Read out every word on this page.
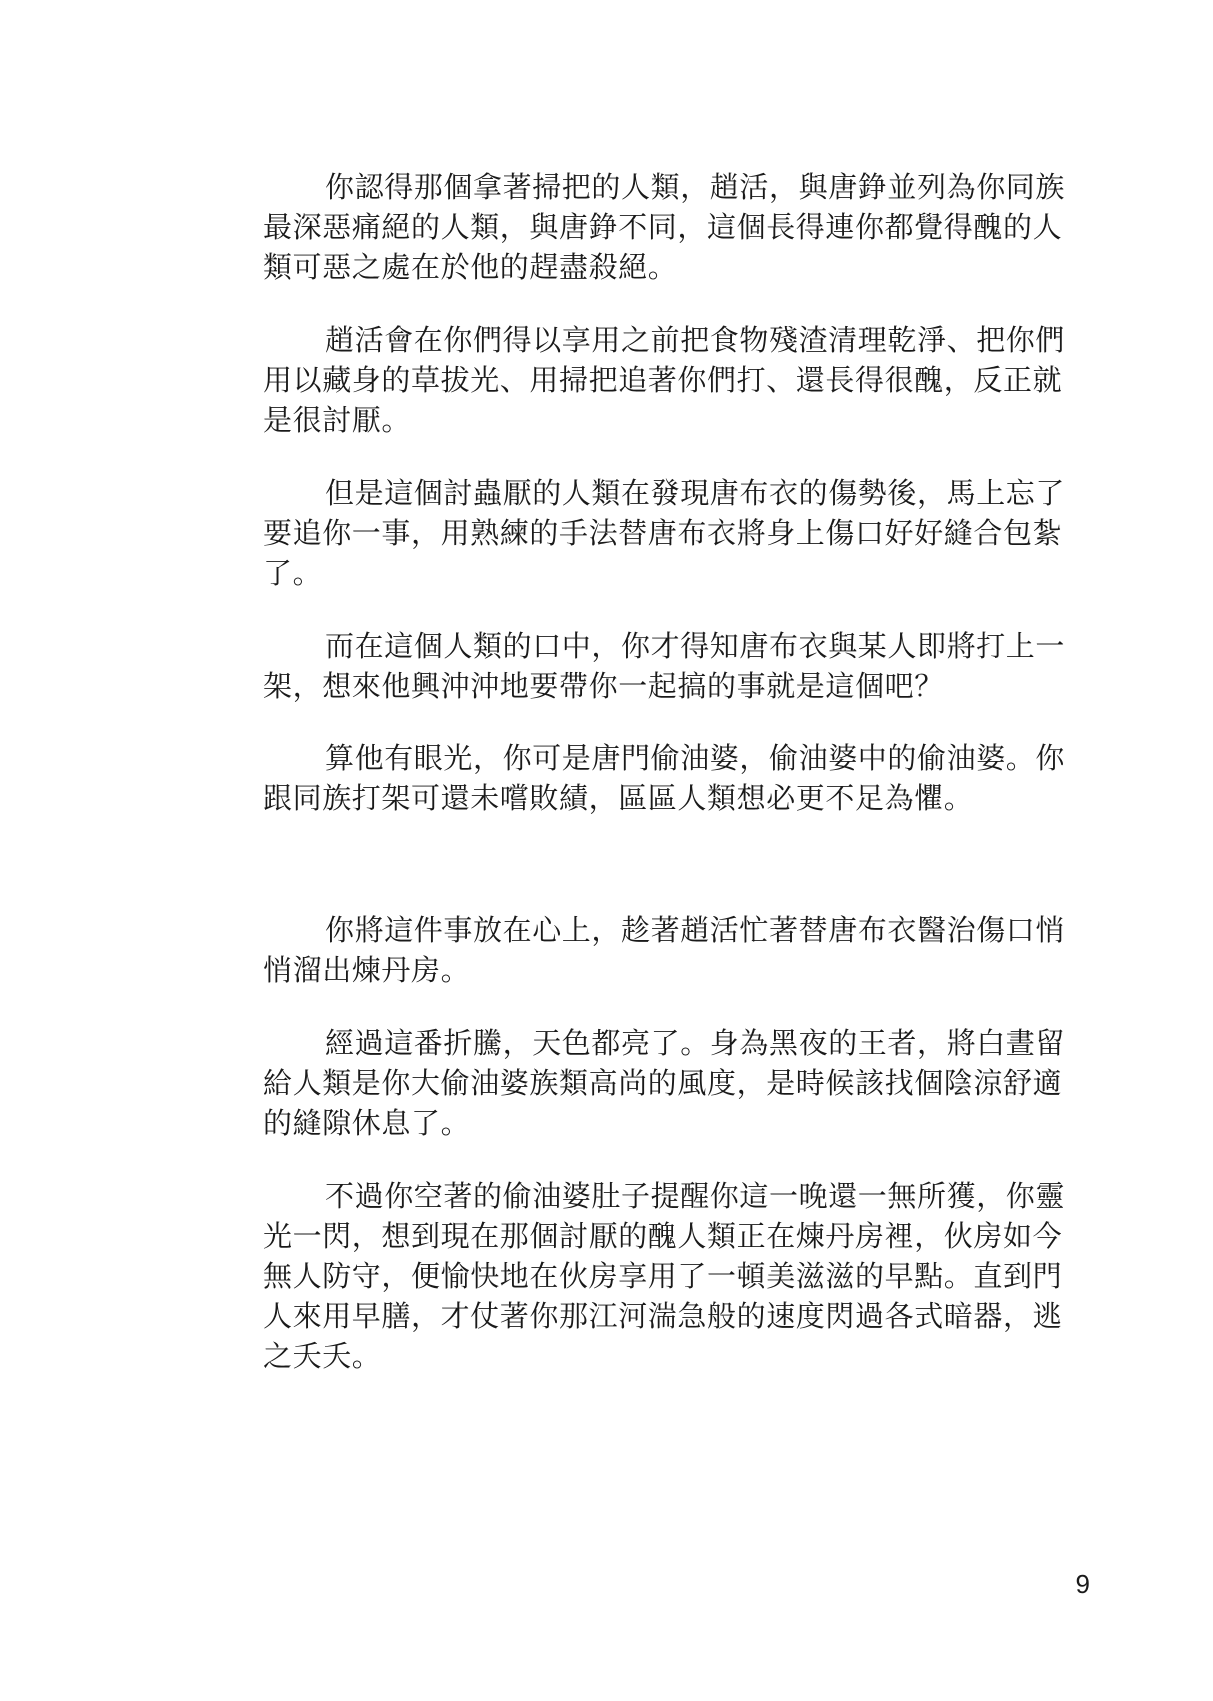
你認得那個拿著掃把的人類，趙活，與唐錚並列為你同族最深惡痛絕的人類，與唐錚不同，這個長得連你都覺得醜的人類可惡之處在於他的趕盡殺絕。

趙活會在你們得以享用之前把食物殘渣清理乾淨、把你們用以藏身的草拔光、用掃把追著你們打、還長得很醜，反正就是很討厭。

但是這個討蟲厭的人類在發現唐布衣的傷勢後，馬上忘了要追你一事，用熟練的手法替唐布衣將身上傷口好好縫合包紮了。

而在這個人類的口中，你才得知唐布衣與某人即將打上一架，想來他興沖沖地要帶你一起搞的事就是這個吧？

算他有眼光，你可是唐門偷油婆，偷油婆中的偷油婆。你跟同族打架可還未嚐敗績，區區人類想必更不足為懼。

你將這件事放在心上，趁著趙活忙著替唐布衣醫治傷口悄悄溜出煉丹房。

經過這番折騰，天色都亮了。身為黑夜的王者，將白晝留給人類是你大偷油婆族類高尚的風度，是時候該找個陰涼舒適的縫隙休息了。

不過你空著的偷油婆肚子提醒你這一晚還一無所獲，你靈光一閃，想到現在那個討厭的醜人類正在煉丹房裡，伙房如今無人防守，便愉快地在伙房享用了一頓美滋滋的早點。直到門人來用早膳，才仗著你那江河湍急般的速度閃過各式暗器，逃之夭夭。

9
